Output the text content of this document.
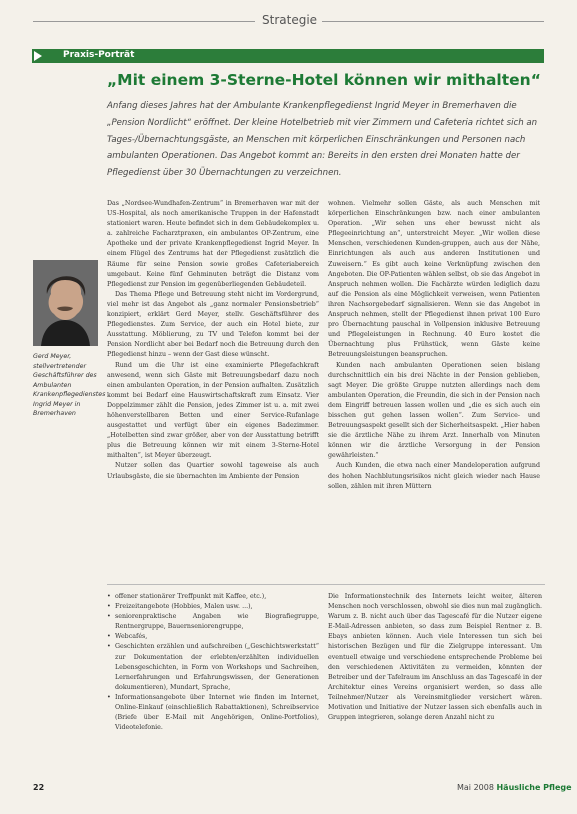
Strategie
Praxis-Porträt
„Mit einem 3-Sterne-Hotel können wir mithalten“
Anfang dieses Jahres hat der Ambulante Krankenpflegedienst Ingrid Meyer in Bremerhaven die „Pension Nordlicht“ eröffnet. Der kleine Hotelbetrieb mit vier Zimmern und Cafeteria richtet sich an Tages-/Übernachtungsgäste, an Menschen mit körperlichen Einschränkungen und Personen nach ambulanten Operationen. Das Angebot kommt an: Bereits in den ersten drei Monaten hatte der Pflegedienst über 30 Übernachtungen zu verzeichnen.
Gerd Meyer, stellvertretender Geschäftsführer des Ambulanten Krankenpflegedienstes Ingrid Meyer in Bremerhaven

Das „Nordsee-Wundhafen-Zentrum“ in Bremerhaven war mit der US-Hospital, als noch amerikanische Truppen in der Hafenstadt stationiert waren. Heute befindet sich in dem Gebäudekomplex u. a. zahlreiche Facharztpraxen, ein ambulantes OP-Zentrum, eine Apotheke und der private Krankenpflegedienst Ingrid Meyer. In einem Flügel des Zentrums hat der Pflegedienst zusätzlich die Räume für seine Pension sowie großes Cafeteriabereich umgebaut. Keine fünf Gehminuten beträgt die Distanz vom Pflegedienst zur Pension im gegenüberliegenden Gebäudeteil.

Das Thema Pflege und Betreuung steht nicht im Vordergrund, viel mehr ist das Angebot als „ganz normaler Pensionsbetrieb“ konzipiert, erklärt Gerd Meyer, stellv. Geschäftsführer des Pflegedienstes. Zum Service, der auch ein Hotel biete, zur Ausstattung. Möblierung, zu TV und Telefon kommt bei der Pension Nordlicht aber bei Bedarf noch die Betreuung durch den Pflegedienst hinzu – wenn der Gast diese wünscht.

Rund um die Uhr ist eine examinierte Pflegefachkraft anwesend, wenn sich Gäste mit Betreuungsbedarf dazu noch einen ambulanten Operation, in der Pension aufhalten. Zusätzlich kommt bei Bedarf eine Hauswirtschaftskraft zum Einsatz. Vier Doppelzimmer zählt die Pension, jedes Zimmer ist u. a. mit zwei höhenverstellbaren Betten und einer Service-Rufanlage ausgestattet und verfügt über ein eigenes Badezimmer. „Hotelbetten sind zwar größer, aber von der Ausstattung betrifft plus die Betreuung können wir mit einem 3-Sterne-Hotel mithalten“, ist Meyer überzeugt.

Nutzer sollen das Quartier sowohl tageweise als auch Urlaubsgäste, die sie übernachten im Ambiente der Pension

wohnen. Vielmehr sollen Gäste, als auch Menschen mit körperlichen Einschränkungen bzw. nach einer ambulanten Operation. „Wir sehen uns eher bewusst nicht als Pflegeeinrichtung an“, unterstreicht Meyer. „Wir wollen diese Menschen, verschiedenen Kunden-gruppen, auch aus der Nähe, Einrichtungen als auch aus anderen Institutionen und Zuweisern.“ Es gibt auch keine Verknüpfung zwischen den Angeboten. Die OP-Patienten wählen selbst, ob sie das Angebot in Anspruch nehmen wollen. Die Fachärzte würden lediglich dazu auf die Pension als eine Möglichkeit verweisen, wenn Patienten ihren Nachsorgebedarf signalisieren. Wenn sie das Angebot in Anspruch nehmen, stellt der Pflegedienst ihnen privat 100 Euro pro Übernachtung pauschal in Vollpension inklusive Betreuung und Pflegeleistungen in Rechnung. 40 Euro kostet die Übernachtung plus Frühstück, wenn Gäste keine Betreuungsleistungen beanspruchen.

Kunden nach ambulanten Operationen seien bislang durchschnittlich ein bis drei Nächte in der Pension geblieben, sagt Meyer. Die größte Gruppe nutzten allerdings nach dem ambulanten Operation, die Freundin, die sich in der Pension nach dem Eingriff betreuen lassen wollen und „die es sich auch ein bisschen gut gehen lassen wollen“. Zum Service- und Betreuungsaspekt gesellt sich der Sicherheitsaspekt. „Hier haben sie die ärztliche Nähe zu ihrem Arzt. Innerhalb von Minuten können wir die ärztliche Versorgung in der Pension gewährleisten.“

Auch Kunden, die etwa nach einer Mandeloperation aufgrund des hohen Nachblutungsrisikos nicht gleich wieder nach Hause sollen, zählen mit ihren Müttern

• offener stationärer Treffpunkt mit Kaffee, etc.),
• Freizeitangebote (Hobbies, Malen usw. ...),
• seniorenpraktische Angaben wie Biografiegruppe, Rentnergruppe, Bauernseniorengruppe,
• Webcafés,
• Geschichten erzählen und aufschreiben („Geschichtswerkstatt“ zur Dokumentation der erlebten/erzählten individuellen Lebensgeschichten, in Form von Workshops und Sachreihen, Lernerfahrungen und Erfahrungswissen, der Generationen dokumentieren), Mundart, Sprache,
• Informationsangebote über Internet wie finden im Internet, Online-Einkauf (einschließlich Rabattaktionen), Schreibservice (Briefe über E-Mail mit Angehörigen, Online-Portfolios), Videotelefonie.
Die Informationstechnik des Internets leicht weiter, älteren Menschen noch verschlossen, obwohl sie dies nun mal zugänglich. Warum z. B. nicht auch über das Tagescafé für die Nutzer eigene E-Mail-Adressen anbieten, so dass zum Beispiel Rentner z. B. Ebays anbieten können. Auch viele Interessen tun sich bei historischen Bezügen und für die Zielgruppe interessant. Um eventuell etwaige und verschiedene entsprechende Probleme bei den verschiedenen Aktivitäten zu vermeiden, könnten der Betreiber und der Tafelraum im Anschluss an das Tagescafé in der Architektur eines Vereins organisiert werden, so dass alle Teilnehmer/Nutzer als Vereinsmitglieder versichert wären. Motivation und Initiative der Nutzer lassen sich ebenfalls auch in Gruppen integrieren, solange deren Anzahl nicht zu
22	Mai 2008 Häusliche Pflege
